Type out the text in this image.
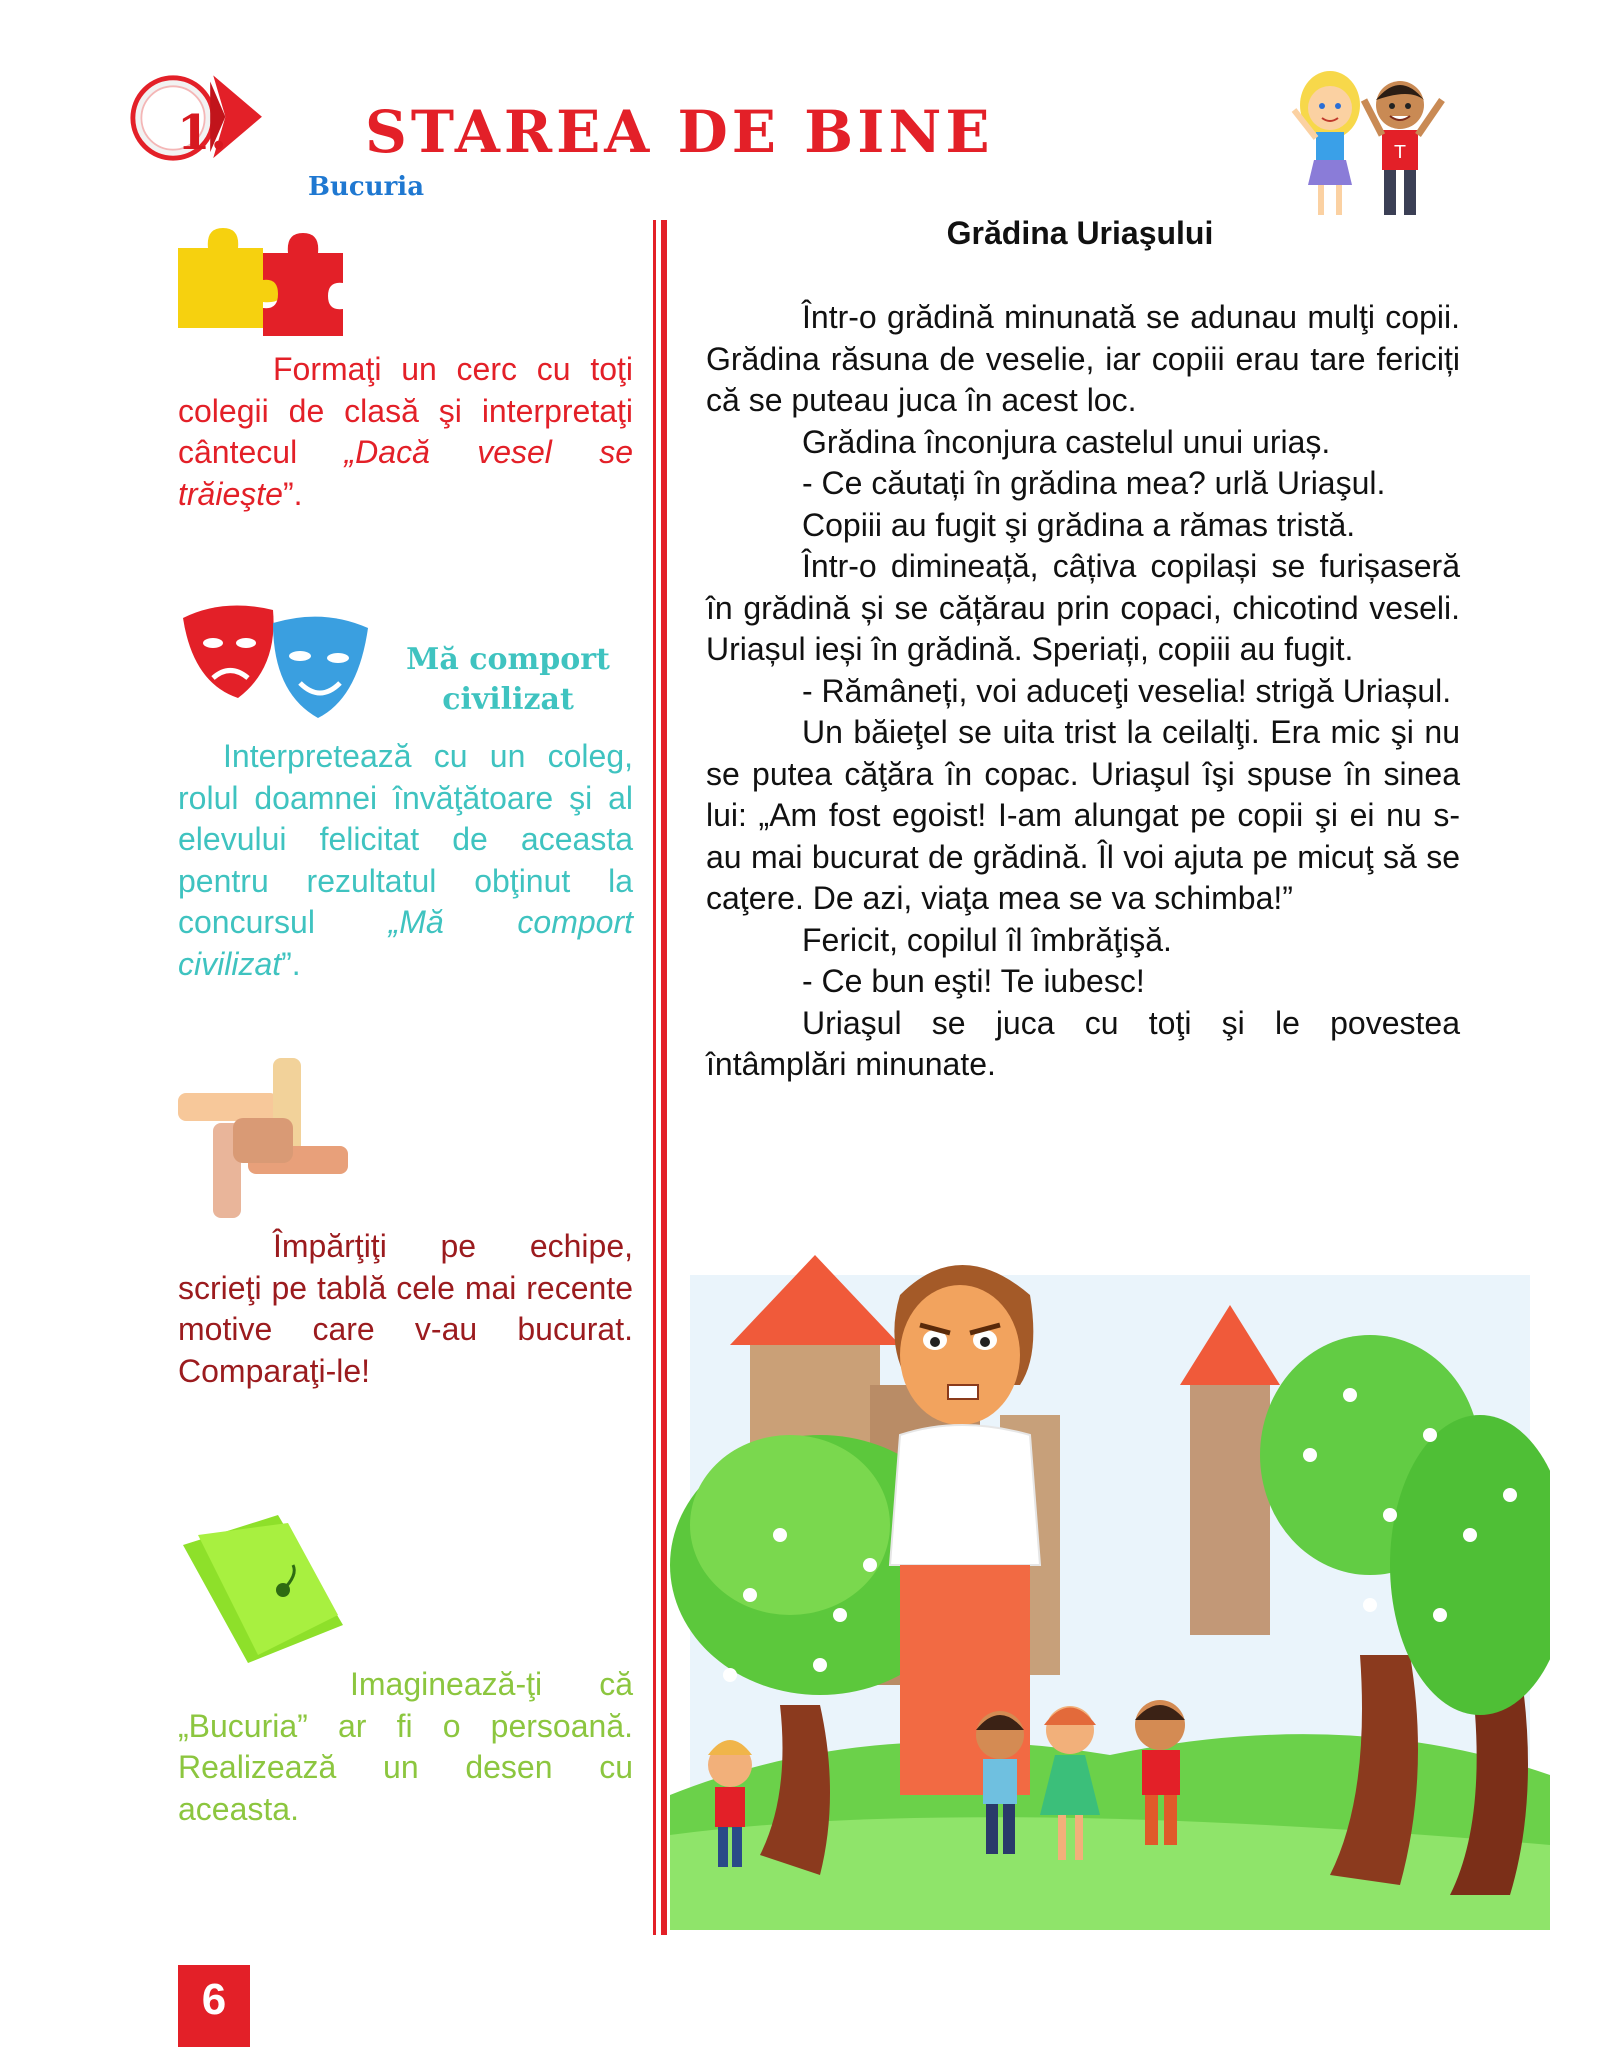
1. STAREA DE BINE
Bucuria
T
Formaţi un cerc cu toţi colegii de clasă şi interpretaţi cântecul „Dacă vesel se trăieşte”.
Mă comport civilizat
Interpretează cu un coleg, rolul doamnei învăţătoare şi al elevului felicitat de aceasta pentru rezultatul obţinut la concursul „Mă comport civilizat”.
Împărţiţi pe echipe, scrieţi pe tablă cele mai recente motive care v-au bucurat. Comparaţi-le!
Imaginează-ţi că „Bucuria” ar fi o persoană. Realizează un desen cu aceasta.
Grădina Uriaşului

Într-o grădină minunată se adunau mulţi copii. Grădina răsuna de veselie, iar copiii erau tare fericiți că se puteau juca în acest loc.

Grădina înconjura castelul unui uriaș.

- Ce căutați în grădina mea? urlă Uriaşul.

Copiii au fugit şi grădina a rămas tristă.

Într-o dimineață, câțiva copilași se furișaseră în grădină și se cățărau prin copaci, chicotind veseli. Uriașul ieși în grădină. Speriați, copiii au fugit.

- Rămâneți, voi aduceţi veselia! strigă Uriașul.

Un băieţel se uita trist la ceilalţi. Era mic şi nu se putea căţăra în copac. Uriaşul îşi spuse în sinea lui: „Am fost egoist! I-am alungat pe copii şi ei nu s-au mai bucurat de grădină. Îl voi ajuta pe micuţ să se caţere. De azi, viaţa mea se va schimba!”

Fericit, copilul îl îmbrăţişă.

- Ce bun eşti! Te iubesc!

Uriaşul se juca cu toţi şi le povestea întâmplări minunate.

6
